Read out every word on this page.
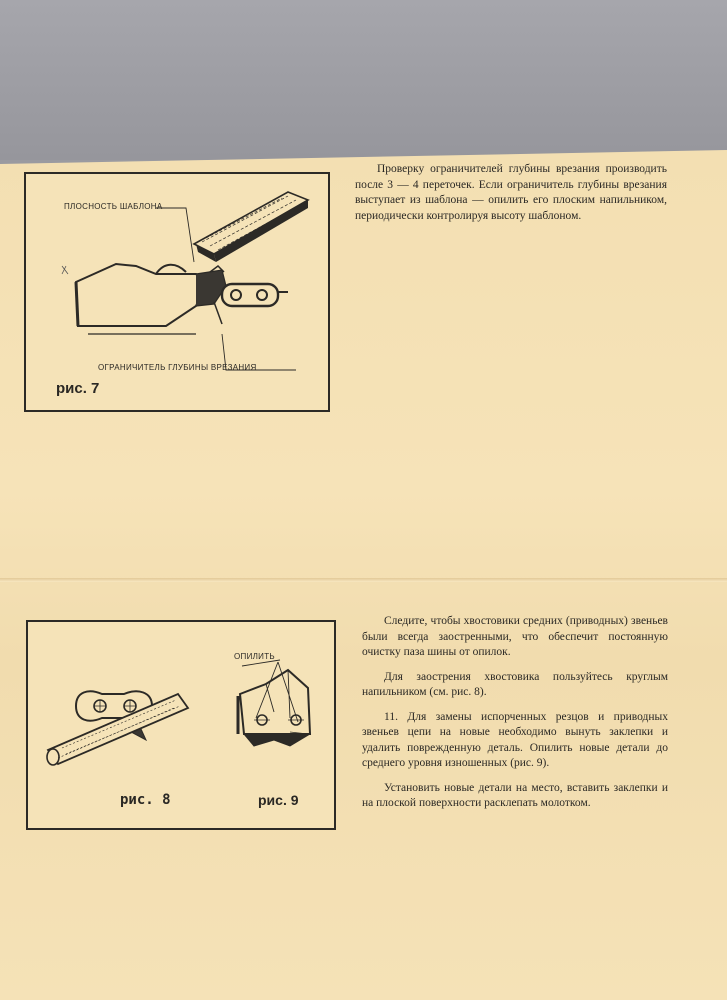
ПЛОСНОСТЬ ШАБЛОНА
ОГРАНИЧИТЕЛЬ ГЛУБИНЫ ВРЕЗАНИЯ
рис. 7

Проверку ограничителей глубины врезания производить после 3 — 4 переточек. Если ограничитель глубины врезания выступает из шаблона — опилить его плоским напильником, периодически контролируя высоту шаблоном.

ОПИЛИТЬ
рис. 8	рис. 9

Следите, чтобы хвостовики средних (приводных) звеньев были всегда заостренными, что обеспечит постоянную очистку паза шины от опилок.

Для заострения хвостовика пользуйтесь круглым напильником (см. рис. 8).

11. Для замены испорченных резцов и приводных звеньев цепи на новые необходимо вынуть заклепки и удалить поврежденную деталь. Опилить новые детали до среднего уровня изношенных (рис. 9).

Установить новые детали на место, вставить заклепки и на плоской поверхности расклепать молотком.
